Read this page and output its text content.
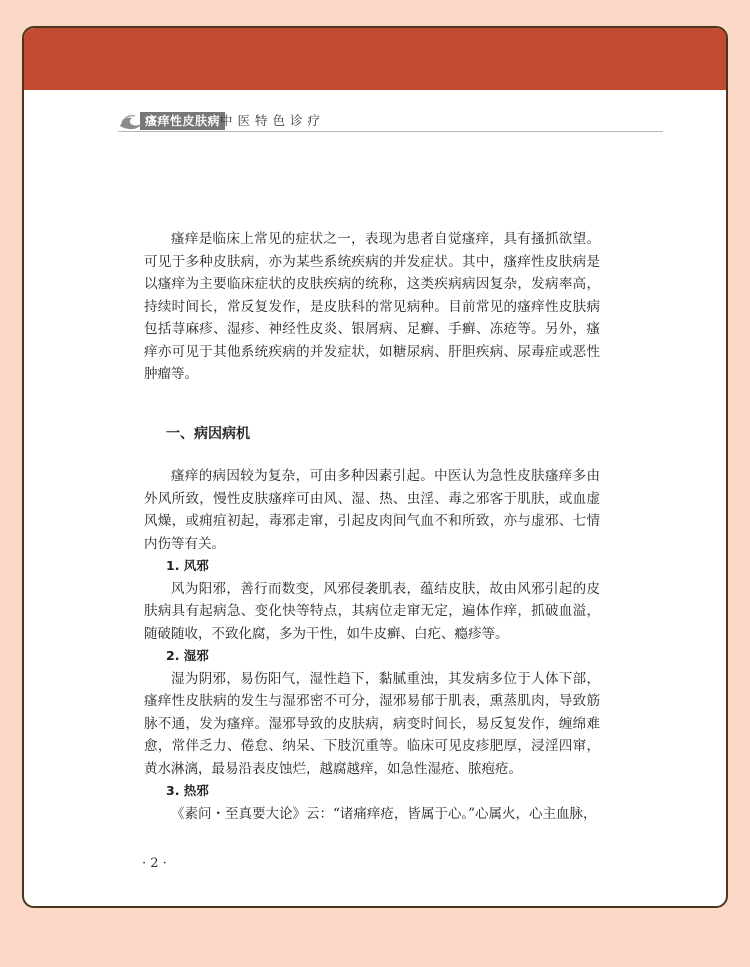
瘙痒性皮肤病 中医特色诊疗

瘙痒是临床上常见的症状之一，表现为患者自觉瘙痒，具有搔抓欲望。可见于多种皮肤病，亦为某些系统疾病的并发症状。其中，瘙痒性皮肤病是以瘙痒为主要临床症状的皮肤疾病的统称，这类疾病病因复杂，发病率高，持续时间长，常反复发作，是皮肤科的常见病种。目前常见的瘙痒性皮肤病包括荨麻疹、湿疹、神经性皮炎、银屑病、足癣、手癣、冻疮等。另外，瘙痒亦可见于其他系统疾病的并发症状，如糖尿病、肝胆疾病、尿毒症或恶性肿瘤等。

一、病因病机

瘙痒的病因较为复杂，可由多种因素引起。中医认为急性皮肤瘙痒多由外风所致，慢性皮肤瘙痒可由风、湿、热、虫淫、毒之邪客于肌肤，或血虚风燥，或痈疽初起，毒邪走窜，引起皮肉间气血不和所致，亦与虚邪、七情内伤等有关。

1. 风邪

风为阳邪，善行而数变，风邪侵袭肌表，蕴结皮肤，故由风邪引起的皮肤病具有起病急、变化快等特点，其病位走窜无定，遍体作痒，抓破血溢，随破随收，不致化腐，多为干性，如牛皮癣、白疕、瘾疹等。

2. 湿邪

湿为阴邪，易伤阳气，湿性趋下，黏腻重浊，其发病多位于人体下部，瘙痒性皮肤病的发生与湿邪密不可分，湿邪易郁于肌表，熏蒸肌肉，导致筋脉不通，发为瘙痒。湿邪导致的皮肤病，病变时间长，易反复发作，缠绵难愈，常伴乏力、倦怠、纳呆、下肢沉重等。临床可见皮疹肥厚，浸淫四窜，黄水淋漓，最易沿表皮蚀烂，越腐越痒，如急性湿疮、脓疱疮。

3. 热邪

《素问・至真要大论》云：“诸痛痒疮，皆属于心。”心属火，心主血脉，

· 2 ·
